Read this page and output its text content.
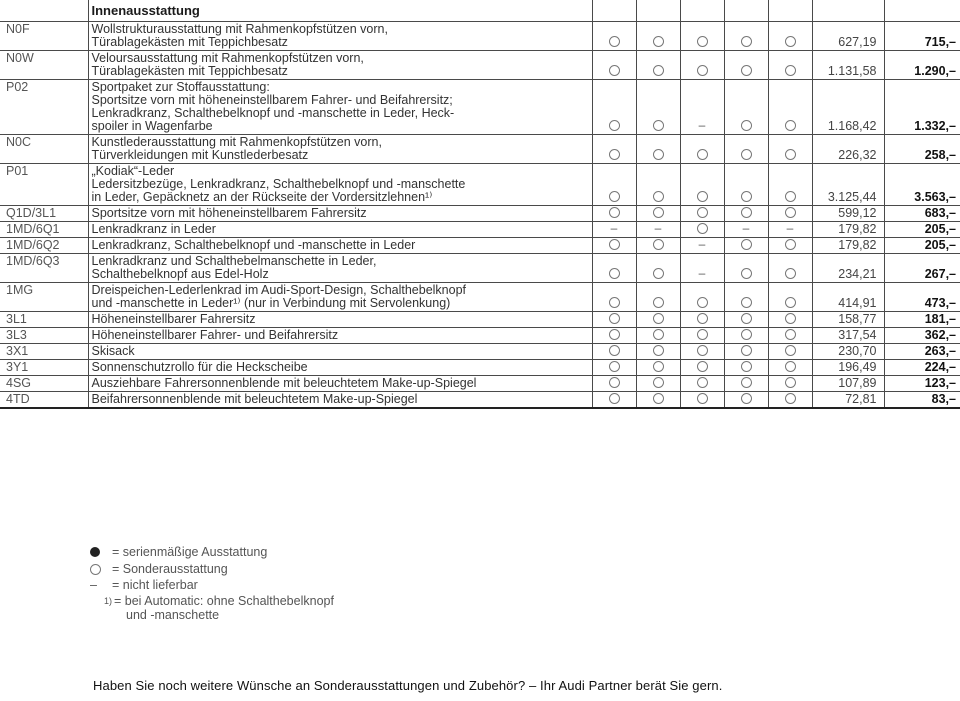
	Innenausstattung							
N0F	Wollstrukturausstattung mit Rahmenkopfstützen vorn,
Türablagekästen mit Teppichbesatz						627,19	715,–
N0W	Veloursausstattung mit Rahmenkopfstützen vorn,
Türablagekästen mit Teppichbesatz						1.131,58	1.290,–
P02	Sportpaket zur Stoffausstattung:
Sportsitze vorn mit höheneinstellbarem Fahrer- und Beifahrersitz;
Lenkradkranz, Schalthebelknopf und -manschette in Leder, Heck-
spoiler in Wagenfarbe			–			1.168,42	1.332,–
N0C	Kunstlederausstattung mit Rahmenkopfstützen vorn,
Türverkleidungen mit Kunstlederbesatz						226,32	258,–
P01	„Kodiak“-Leder
Ledersitzbezüge, Lenkradkranz, Schalthebelknopf und -manschette
in Leder, Gepäcknetz an der Rückseite der Vordersitzlehnen¹⁾						3.125,44	3.563,–
Q1D/3L1	Sportsitze vorn mit höheneinstellbarem Fahrersitz						599,12	683,–
1MD/6Q1	Lenkradkranz in Leder	–	–		–	–	179,82	205,–
1MD/6Q2	Lenkradkranz, Schalthebelknopf und -manschette in Leder			–			179,82	205,–
1MD/6Q3	Lenkradkranz und Schalthebelmanschette in Leder,
Schalthebelknopf aus Edel-Holz			–			234,21	267,–
1MG	Dreispeichen-Lederlenkrad im Audi-Sport-Design, Schalthebelknopf
und -manschette in Leder¹⁾ (nur in Verbindung mit Servolenkung)						414,91	473,–
3L1	Höheneinstellbarer Fahrersitz						158,77	181,–
3L3	Höheneinstellbarer Fahrer- und Beifahrersitz						317,54	362,–
3X1	Skisack						230,70	263,–
3Y1	Sonnenschutzrollo für die Heckscheibe						196,49	224,–
4SG	Ausziehbare Fahrersonnenblende mit beleuchtetem Make-up-Spiegel						107,89	123,–
4TD	Beifahrersonnenblende mit beleuchtetem Make-up-Spiegel						72,81	83,–
= serienmäßige Ausstattung
= Sonderausstattung
–	= nicht lieferbar
$^{1)}$ = bei Automatic: ohne Schalthebelknopf
und -manschette
Haben Sie noch weitere Wünsche an Sonderausstattungen und Zubehör? – Ihr Audi Partner berät Sie gern.
